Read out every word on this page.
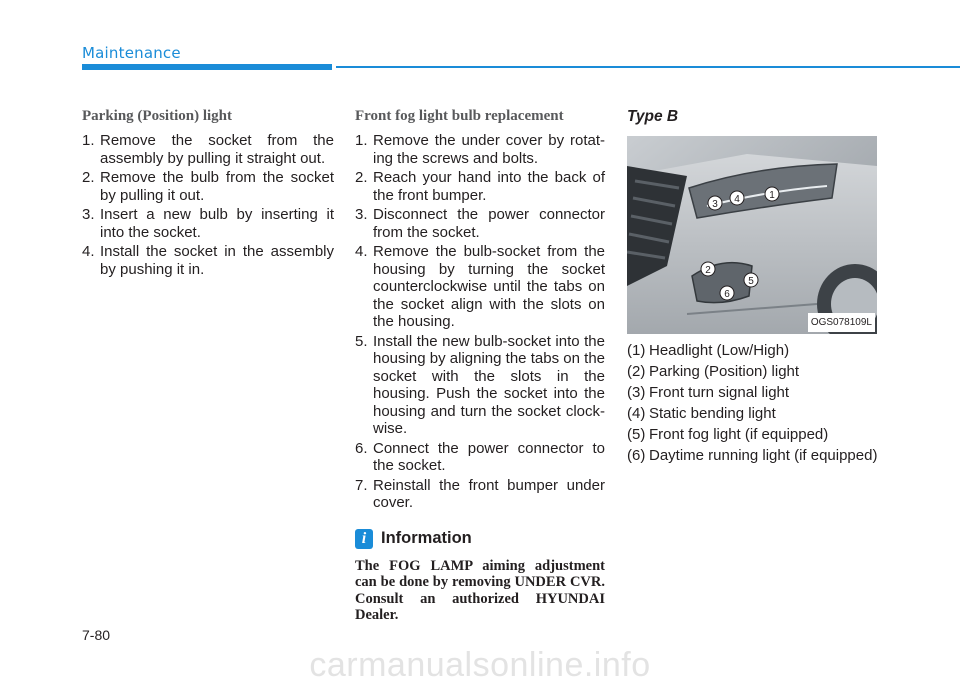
Maintenance
Parking (Position) light
1. Remove the socket from the assembly by pulling it straight out.
2. Remove the bulb from the socket by pulling it out.
3. Insert a new bulb by inserting it into the socket.
4. Install the socket in the assembly by pushing it in.
Front fog light bulb replacement
1. Remove the under cover by rotat-ing the screws and bolts.
2. Reach your hand into the back of the front bumper.
3. Disconnect the power connector from the socket.
4. Remove the bulb-socket from the housing by turning the socket counterclockwise until the tabs on the socket align with the slots on the housing.
5. Install the new bulb-socket into the housing by aligning the tabs on the socket with the slots in the housing. Push the socket into the housing and turn the socket clock-wise.
6. Connect the power connector to the socket.
7. Reinstall the front bumper under cover.
i Information
The FOG LAMP aiming adjustment can be done by removing UNDER CVR. Consult an authorized HYUNDAI Dealer.
Type B
1
4
3
2
5
6
OGS078109L
(1) Headlight (Low/High)
(2) Parking (Position) light
(3) Front turn signal light
(4) Static bending light
(5) Front fog light (if equipped)
(6) Daytime running light (if equipped)
7-80
carmanualsonline.info
